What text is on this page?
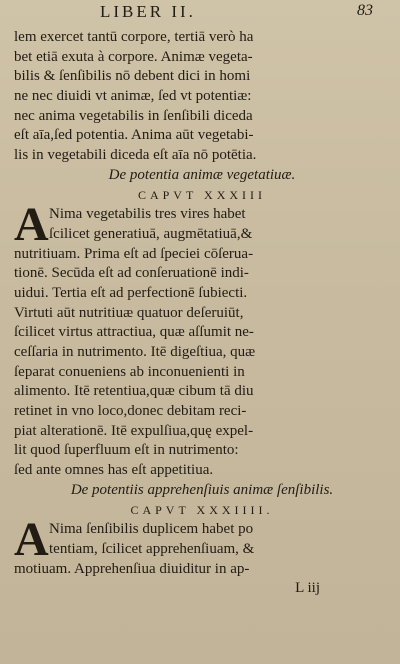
LIBER II.	83
lem exercet tantū corpore, tertiā verò ha
bet etiā exuta à corpore. Animæ vegeta-
bilis & ſenſibilis nō debent dici in homi
ne nec diuidi vt animæ, ſed vt potentiæ:
nec anima vegetabilis in ſenſibili diceda
eſt aīa,ſed potentia. Anima aūt vegetabi-
lis in vegetabili diceda eſt aīa nō potētia.
De potentia animæ vegetatiuæ.
CAPVT XXXIII
A Nima vegetabilis tres vires habet
ſcilicet generatiuā, augmētatiuā,&
nutritiuam. Prima eſt ad ſpeciei cōſerua-
tionē. Secūda eſt ad conſeruationē indi-
uidui. Tertia eſt ad perfectionē ſubiecti.
Virtuti aūt nutritiuæ quatuor deſeruiūt,
ſcilicet virtus attractiua, quæ aſſumit ne-
ceſſaria in nutrimento. Itē digeſtiua, quæ
ſeparat conueniens ab inconuenienti in
alimento. Itē retentiua,quæ cibum tā diu
retinet in vno loco,donec debitam reci-
piat alterationē. Itē expulſiua,quę expel-
lit quod ſuperfluum eſt in nutrimento:
ſed ante omnes has eſt appetitiua.
De potentiis apprehenſiuis animæ ſenſibilis.
CAPVT XXXIIII.
A Nima ſenſibilis duplicem habet po
tentiam, ſcilicet apprehenſiuam, &
motiuam. Apprehenſiua diuiditur in ap-
L iij
